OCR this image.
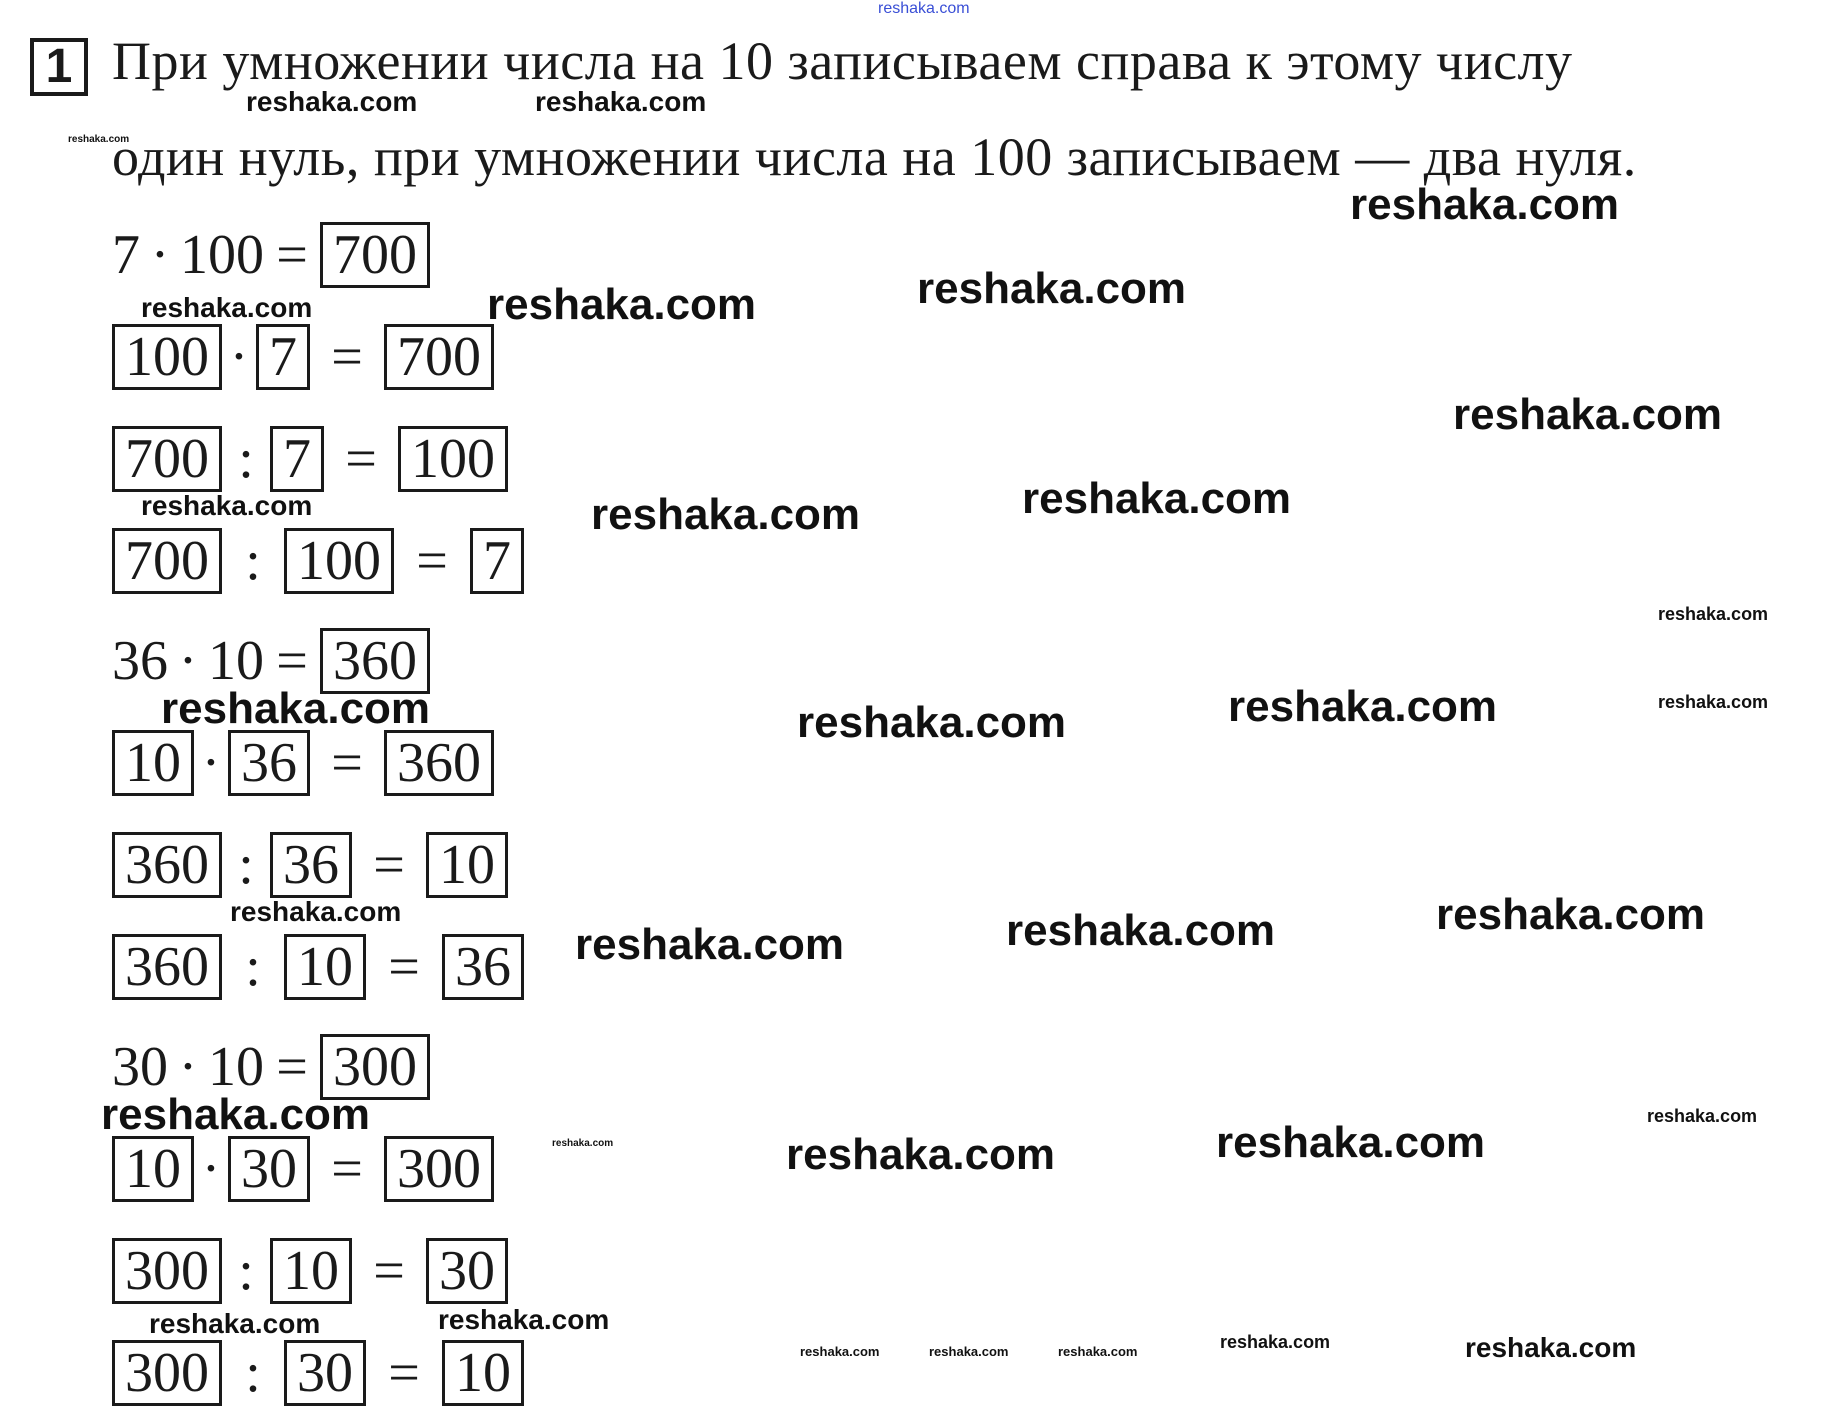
1 При умножении числа на 10 записываем справа к этому числу
один нуль, при умножении числа на 100 записываем — два нуля.
7 · 100 = 700
100 · 7 = 700
700 : 7 = 100
700 : 100 = 7
36 · 10 = 360
10 · 36 = 360
360 : 36 = 10
360 : 10 = 36
30 · 10 = 300
10 · 30 = 300
300 : 10 = 30
300 : 30 = 10
reshaka.com
reshaka.com	reshaka.com
reshaka.com
reshaka.com
reshaka.com
reshaka.com	reshaka.com
reshaka.com
reshaka.com	reshaka.com
reshaka.com
reshaka.com
reshaka.com	reshaka.com	reshaka.com
reshaka.com
reshaka.com	reshaka.com
reshaka.com
reshaka.com
reshaka.com
reshaka.com
reshaka.com
reshaka.com
reshaka.com
reshaka.com
reshaka.com
reshaka.com	reshaka.com
reshaka.com	reshaka.com	reshaka.com
